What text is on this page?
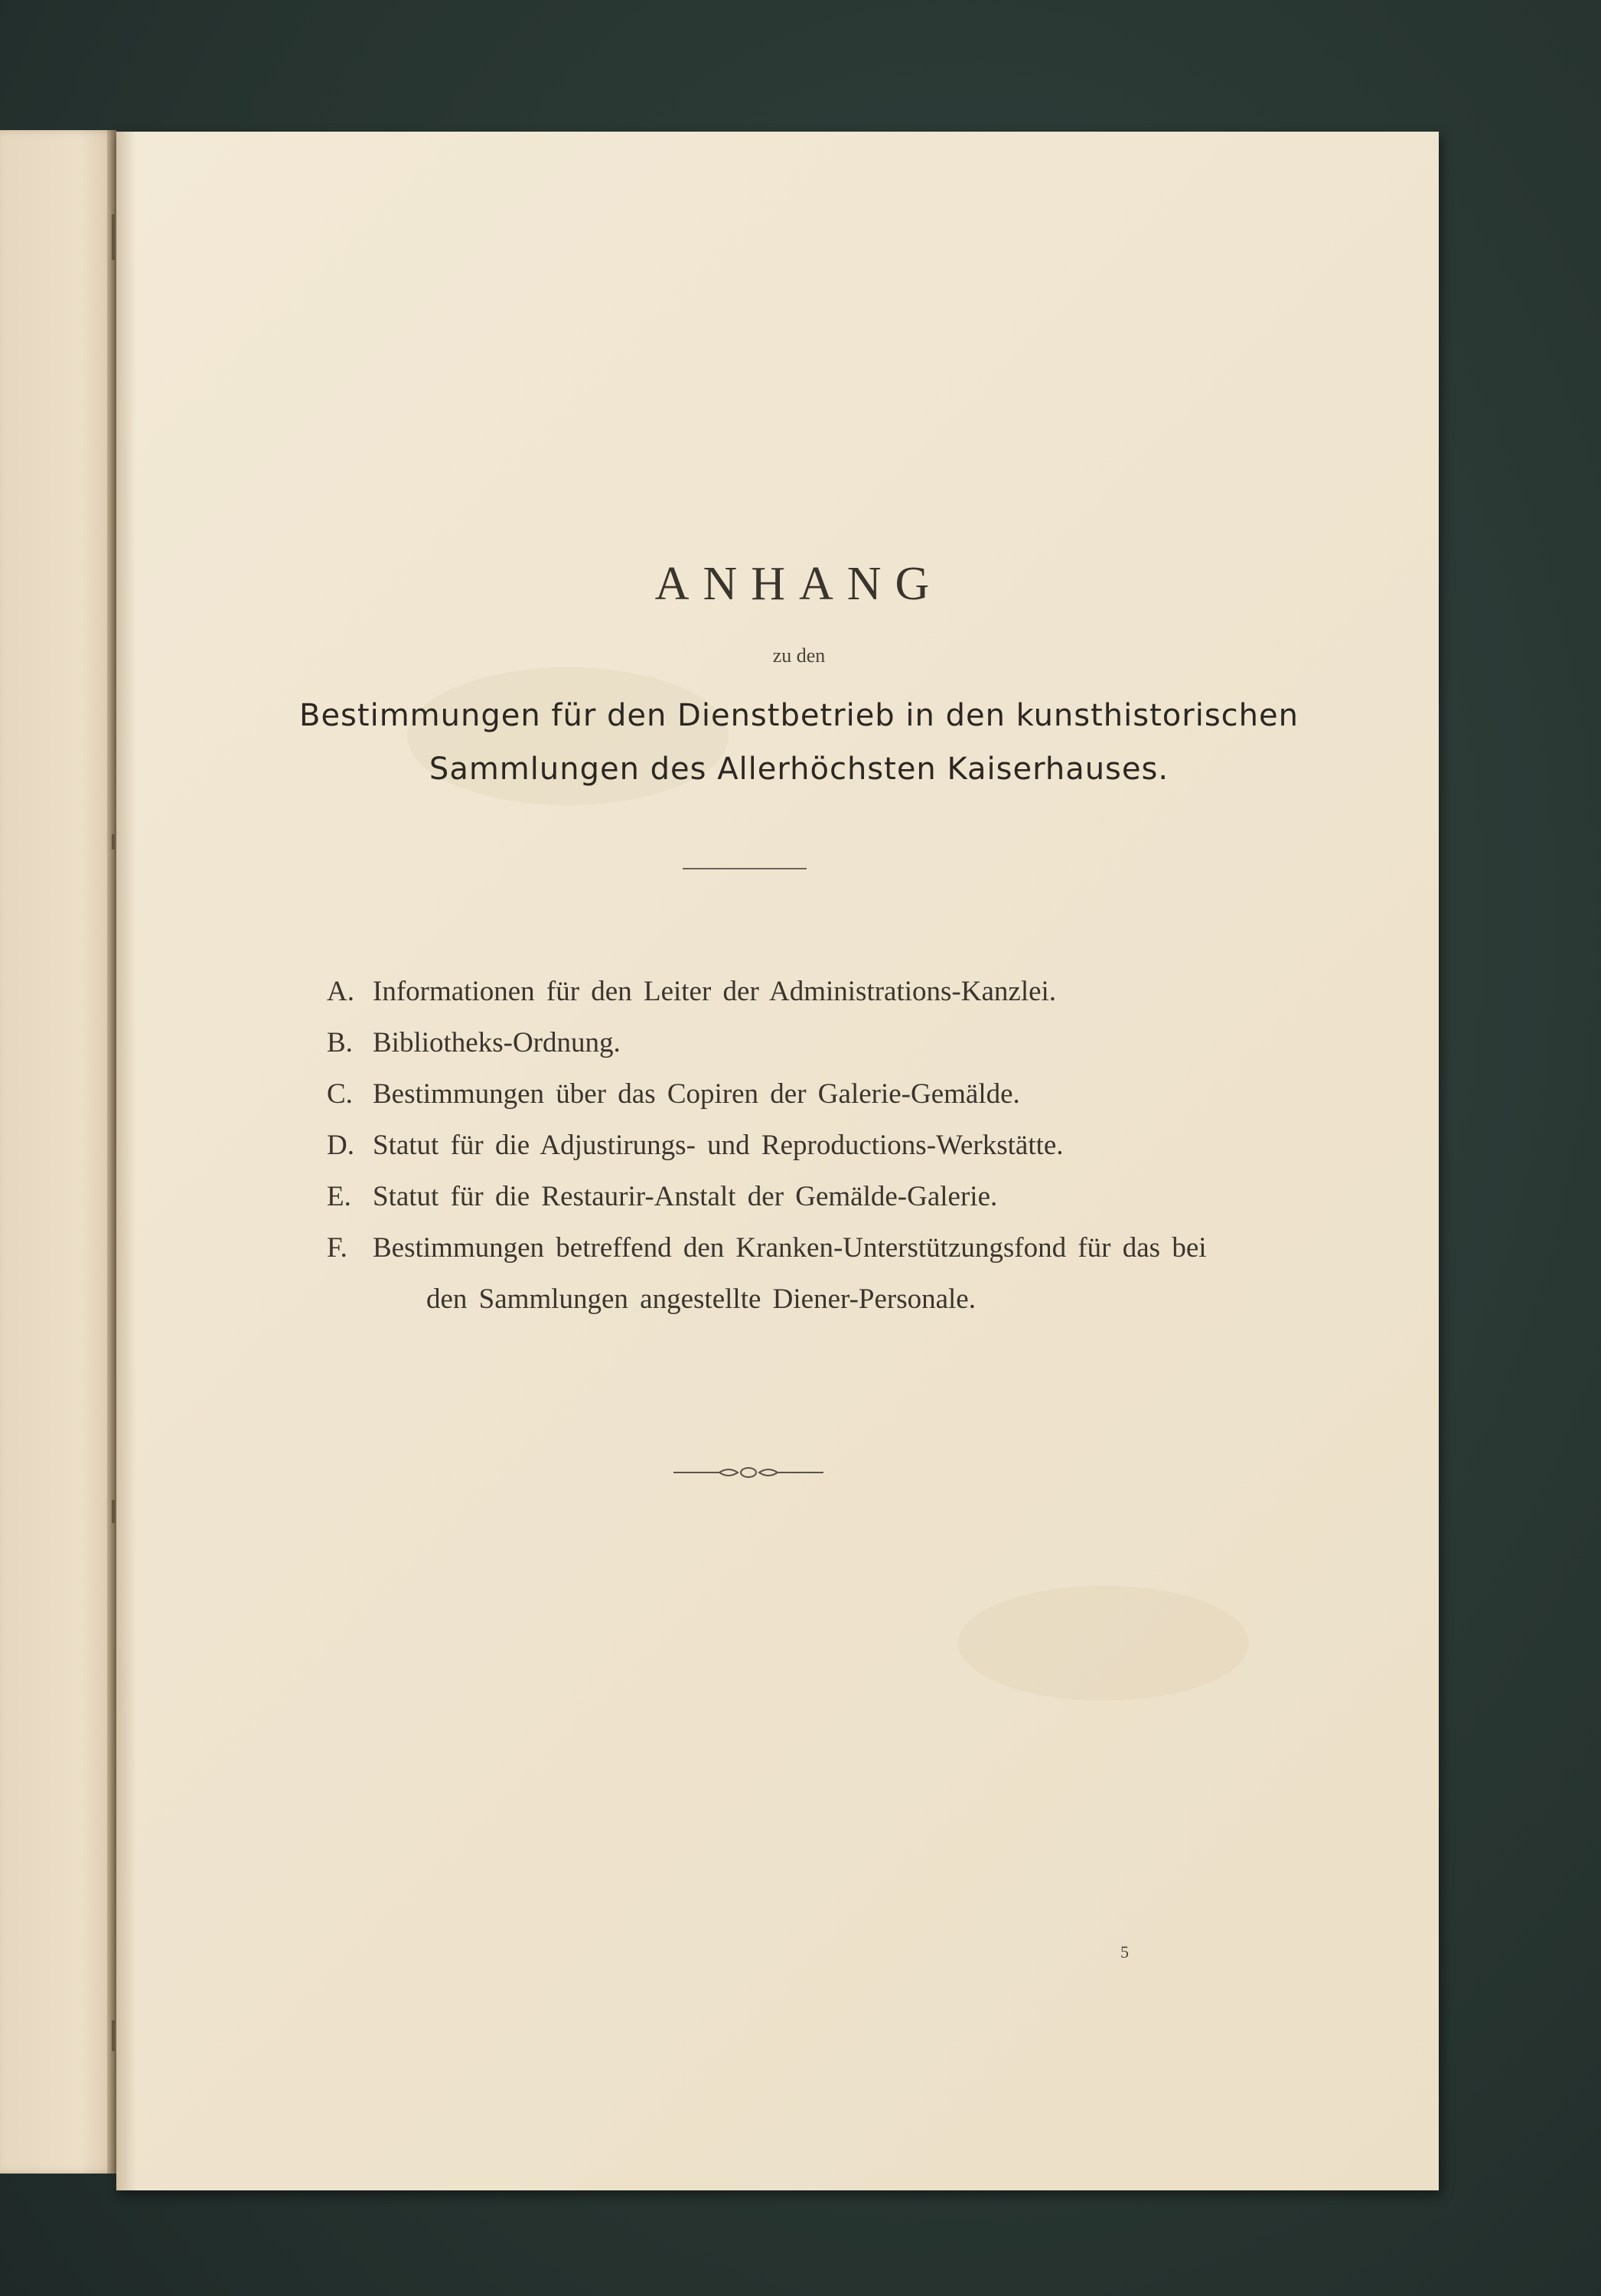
ANHANG
zu den
Bestimmungen für den Dienstbetrieb in den kunsthistorischen
Sammlungen des Allerhöchsten Kaiserhauses.
A. Informationen für den Leiter der Administrations-Kanzlei.
B. Bibliotheks-Ordnung.
C. Bestimmungen über das Copiren der Galerie-Gemälde.
D. Statut für die Adjustirungs- und Reproductions-Werkstätte.
E. Statut für die Restaurir-Anstalt der Gemälde-Galerie.
F. Bestimmungen betreffend den Kranken-Unterstützungsfond für das bei
den Sammlungen angestellte Diener-Personale.
5
